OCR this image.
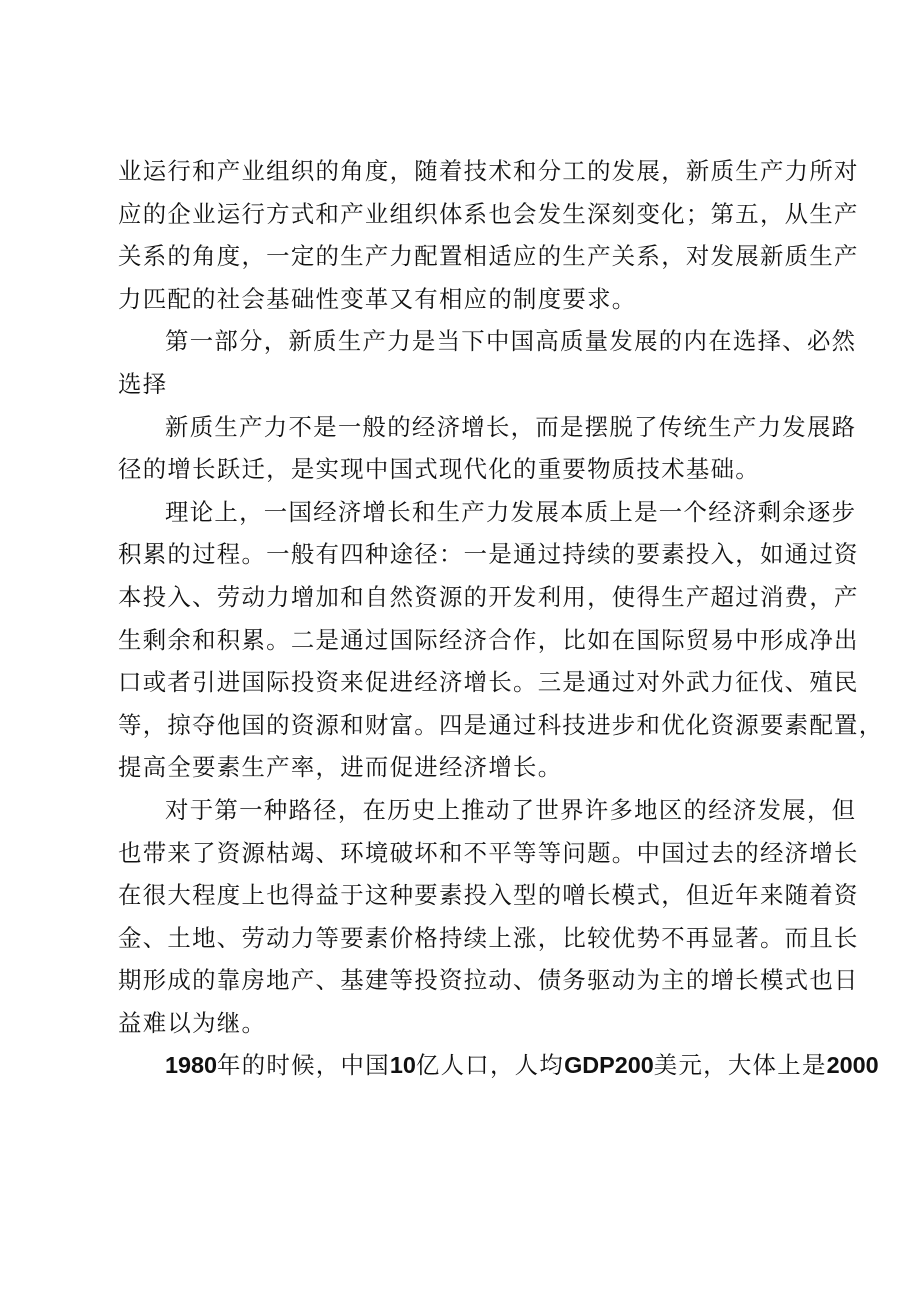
业运行和产业组织的角度，随着技术和分工的发展，新质生产力所对
应的企业运行方式和产业组织体系也会发生深刻变化；第五，从生产
关系的角度，一定的生产力配置相适应的生产关系，对发展新质生产
力匹配的社会基础性变革又有相应的制度要求。
第一部分，新质生产力是当下中国高质量发展的内在选择、必然
选择
新质生产力不是一般的经济增长，而是摆脱了传统生产力发展路
径的增长跃迁，是实现中国式现代化的重要物质技术基础。
理论上，一国经济增长和生产力发展本质上是一个经济剩余逐步
积累的过程。一般有四种途径：一是通过持续的要素投入，如通过资
本投入、劳动力增加和自然资源的开发利用，使得生产超过消费，产
生剩余和积累。二是通过国际经济合作，比如在国际贸易中形成净出
口或者引进国际投资来促进经济增长。三是通过对外武力征伐、殖民
等，掠夺他国的资源和财富。四是通过科技进步和优化资源要素配置，
提高全要素生产率，进而促进经济增长。
对于第一种路径，在历史上推动了世界许多地区的经济发展，但
也带来了资源枯竭、环境破坏和不平等等问题。中国过去的经济增长
在很大程度上也得益于这种要素投入型的噌长模式，但近年来随着资
金、土地、劳动力等要素价格持续上涨，比较优势不再显著。而且长
期形成的靠房地产、基建等投资拉动、债务驱动为主的增长模式也日
益难以为继。
1980年的时候，中国10亿人口，人均GDP200美元，大体上是2000
